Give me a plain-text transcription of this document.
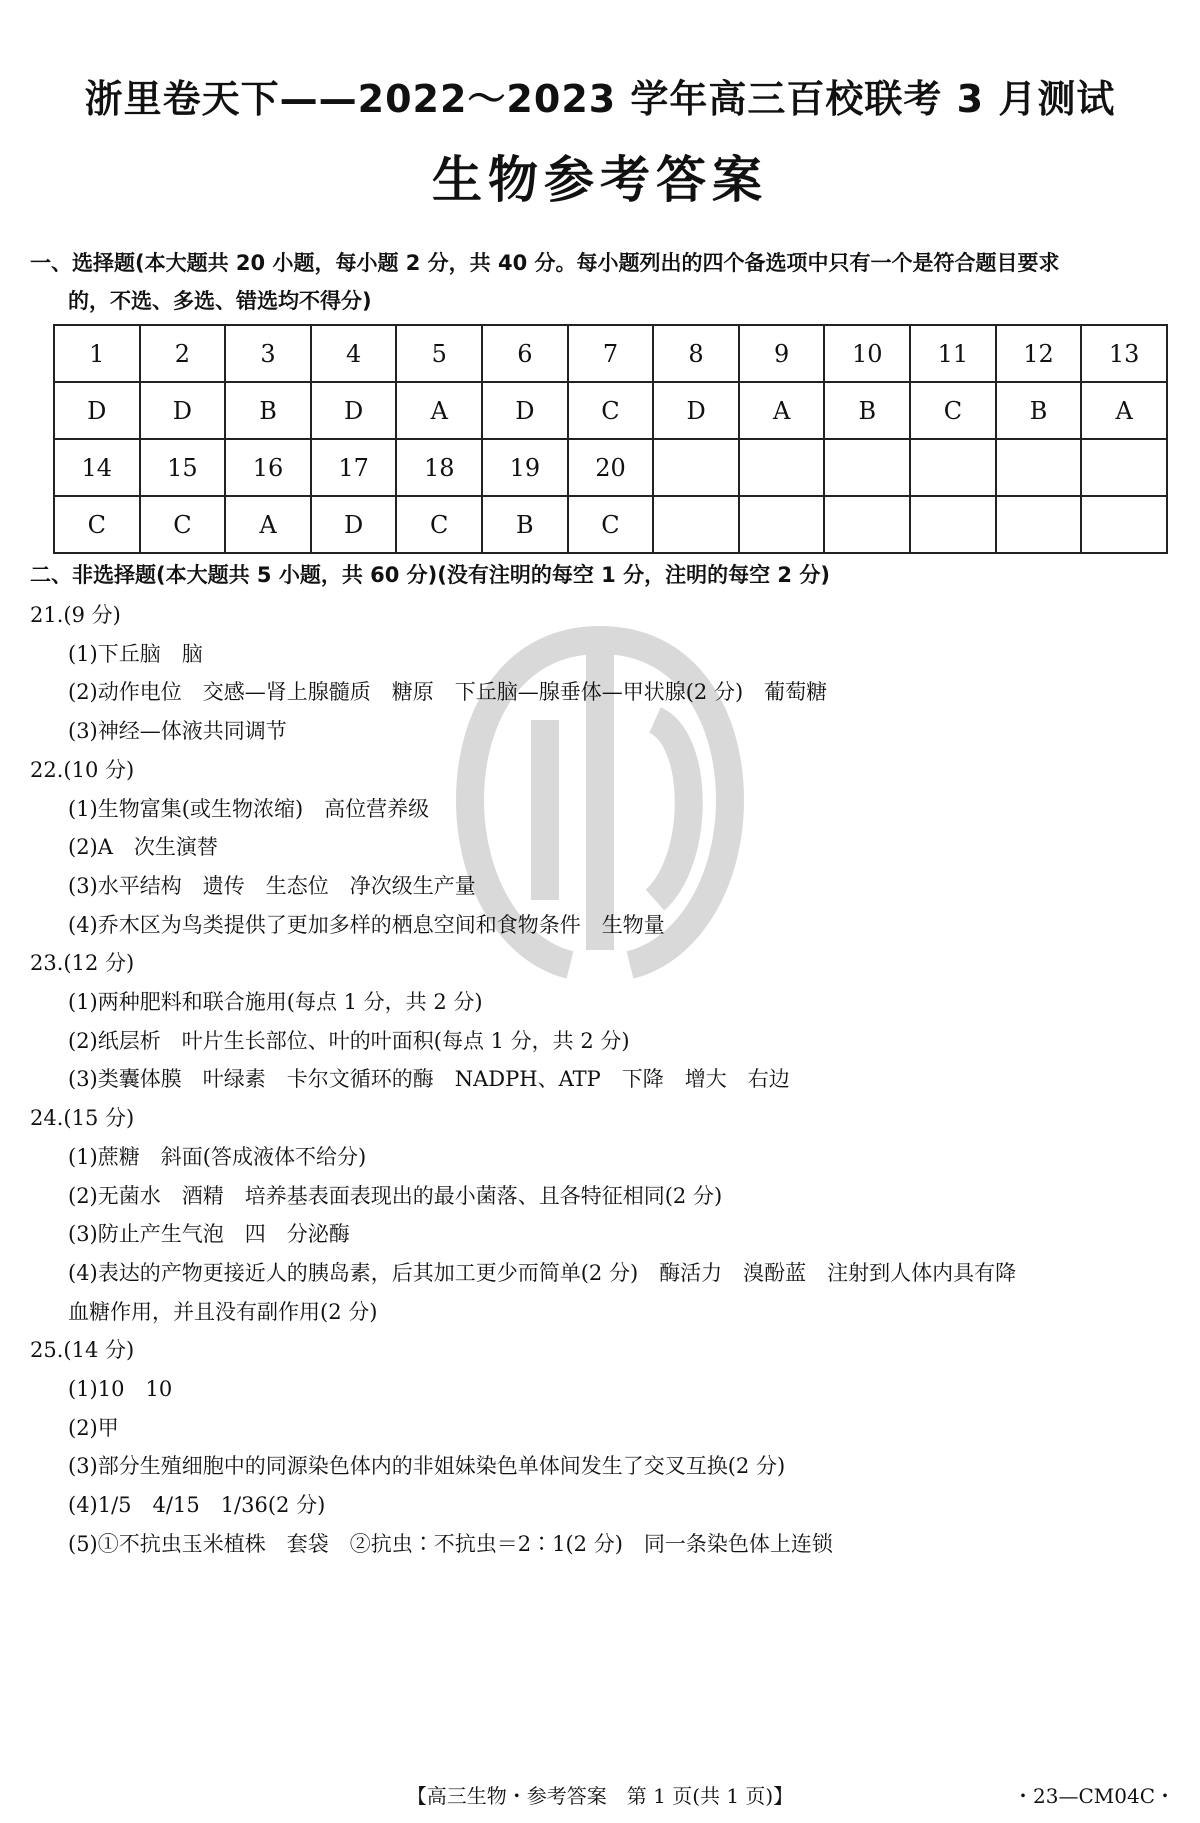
浙里卷天下——2022～2023 学年高三百校联考 3 月测试
生物参考答案
一、选择题(本大题共 20 小题，每小题 2 分，共 40 分。每小题列出的四个备选项中只有一个是符合题目要求
的，不选、多选、错选均不得分)
1	2	3	4	5	6	7	8	9	10	11	12	13
D	D	B	D	A	D	C	D	A	B	C	B	A
14	15	16	17	18	19	20						
C	C	A	D	C	B	C						
二、非选择题(本大题共 5 小题，共 60 分)(没有注明的每空 1 分，注明的每空 2 分)
21.(9 分)
(1)下丘脑　脑
(2)动作电位　交感—肾上腺髓质　糖原　下丘脑—腺垂体—甲状腺(2 分)　葡萄糖
(3)神经—体液共同调节
22.(10 分)
(1)生物富集(或生物浓缩)　高位营养级
(2)A　次生演替
(3)水平结构　遗传　生态位　净次级生产量
(4)乔木区为鸟类提供了更加多样的栖息空间和食物条件　生物量
23.(12 分)
(1)两种肥料和联合施用(每点 1 分，共 2 分)
(2)纸层析　叶片生长部位、叶的叶面积(每点 1 分，共 2 分)
(3)类囊体膜　叶绿素　卡尔文循环的酶　NADPH、ATP　下降　增大　右边
24.(15 分)
(1)蔗糖　斜面(答成液体不给分)
(2)无菌水　酒精　培养基表面表现出的最小菌落、且各特征相同(2 分)
(3)防止产生气泡　四　分泌酶
(4)表达的产物更接近人的胰岛素，后其加工更少而简单(2 分)　酶活力　溴酚蓝　注射到人体内具有降
血糖作用，并且没有副作用(2 分)
25.(14 分)
(1)10　10
(2)甲
(3)部分生殖细胞中的同源染色体内的非姐妹染色单体间发生了交叉互换(2 分)
(4)1/5　4/15　1/36(2 分)
(5)①不抗虫玉米植株　套袋　②抗虫∶不抗虫＝2∶1(2 分)　同一条染色体上连锁
【高三生物・参考答案　第 1 页(共 1 页)】	・23—CM04C・
